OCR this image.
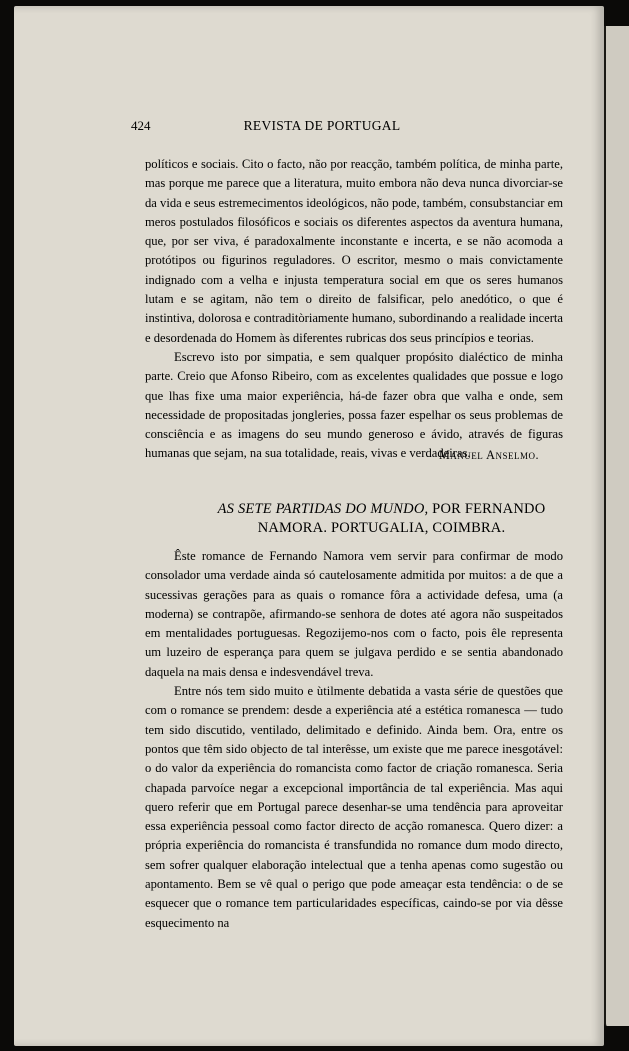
424	REVISTA DE PORTUGAL

políticos e sociais. Cito o facto, não por reacção, também política, de minha parte, mas porque me parece que a literatura, muito embora não deva nunca divorciar-se da vida e seus estremecimentos ideológicos, não pode, também, consubstanciar em meros postulados filosóficos e sociais os diferentes aspectos da aventura humana, que, por ser viva, é paradoxalmente inconstante e incerta, e se não acomoda a protótipos ou figurinos reguladores. O escritor, mesmo o mais convictamente indignado com a velha e injusta temperatura social em que os seres humanos lutam e se agitam, não tem o direito de falsificar, pelo anedótico, o que é instintiva, dolorosa e contraditòriamente humano, subordinando a realidade incerta e desordenada do Homem às diferentes rubricas dos seus princípios e teorias.

Escrevo isto por simpatia, e sem qualquer propósito dialéctico de minha parte. Creio que Afonso Ribeiro, com as excelentes qualidades que possue e logo que lhas fixe uma maior experiência, há-de fazer obra que valha e onde, sem necessidade de propositadas jongleries, possa fazer espelhar os seus problemas de consciência e as imagens do seu mundo generoso e ávido, através de figuras humanas que sejam, na sua totalidade, reais, vivas e verdadeiras.

Manuel Anselmo.
AS SETE PARTIDAS DO MUNDO, POR FERNANDO NAMORA. PORTUGALIA, COIMBRA.

Êste romance de Fernando Namora vem servir para confirmar de modo consolador uma verdade ainda só cautelosamente admitida por muitos: a de que a sucessivas gerações para as quais o romance fôra a actividade defesa, uma (a moderna) se contrapõe, afirmando-se senhora de dotes até agora não suspeitados em mentalidades portuguesas. Regozijemo-nos com o facto, pois êle representa um luzeiro de esperança para quem se julgava perdido e se sentia abandonado daquela na mais densa e indesvendável treva.

Entre nós tem sido muito e ùtilmente debatida a vasta série de questões que com o romance se prendem: desde a experiência até a estética romanesca — tudo tem sido discutido, ventilado, delimitado e definido. Ainda bem. Ora, entre os pontos que têm sido objecto de tal interêsse, um existe que me parece inesgotável: o do valor da experiência do romancista como factor de criação romanesca. Seria chapada parvoíce negar a excepcional importância de tal experiência. Mas aqui quero referir que em Portugal parece desenhar-se uma tendência para aproveitar essa experiência pessoal como factor directo de acção romanesca. Quero dizer: a própria experiência do romancista é transfundida no romance dum modo directo, sem sofrer qualquer elaboração intelectual que a tenha apenas como sugestão ou apontamento. Bem se vê qual o perigo que pode ameaçar esta tendência: o de se esquecer que o romance tem particularidades específicas, caindo-se por via dêsse esquecimento na
